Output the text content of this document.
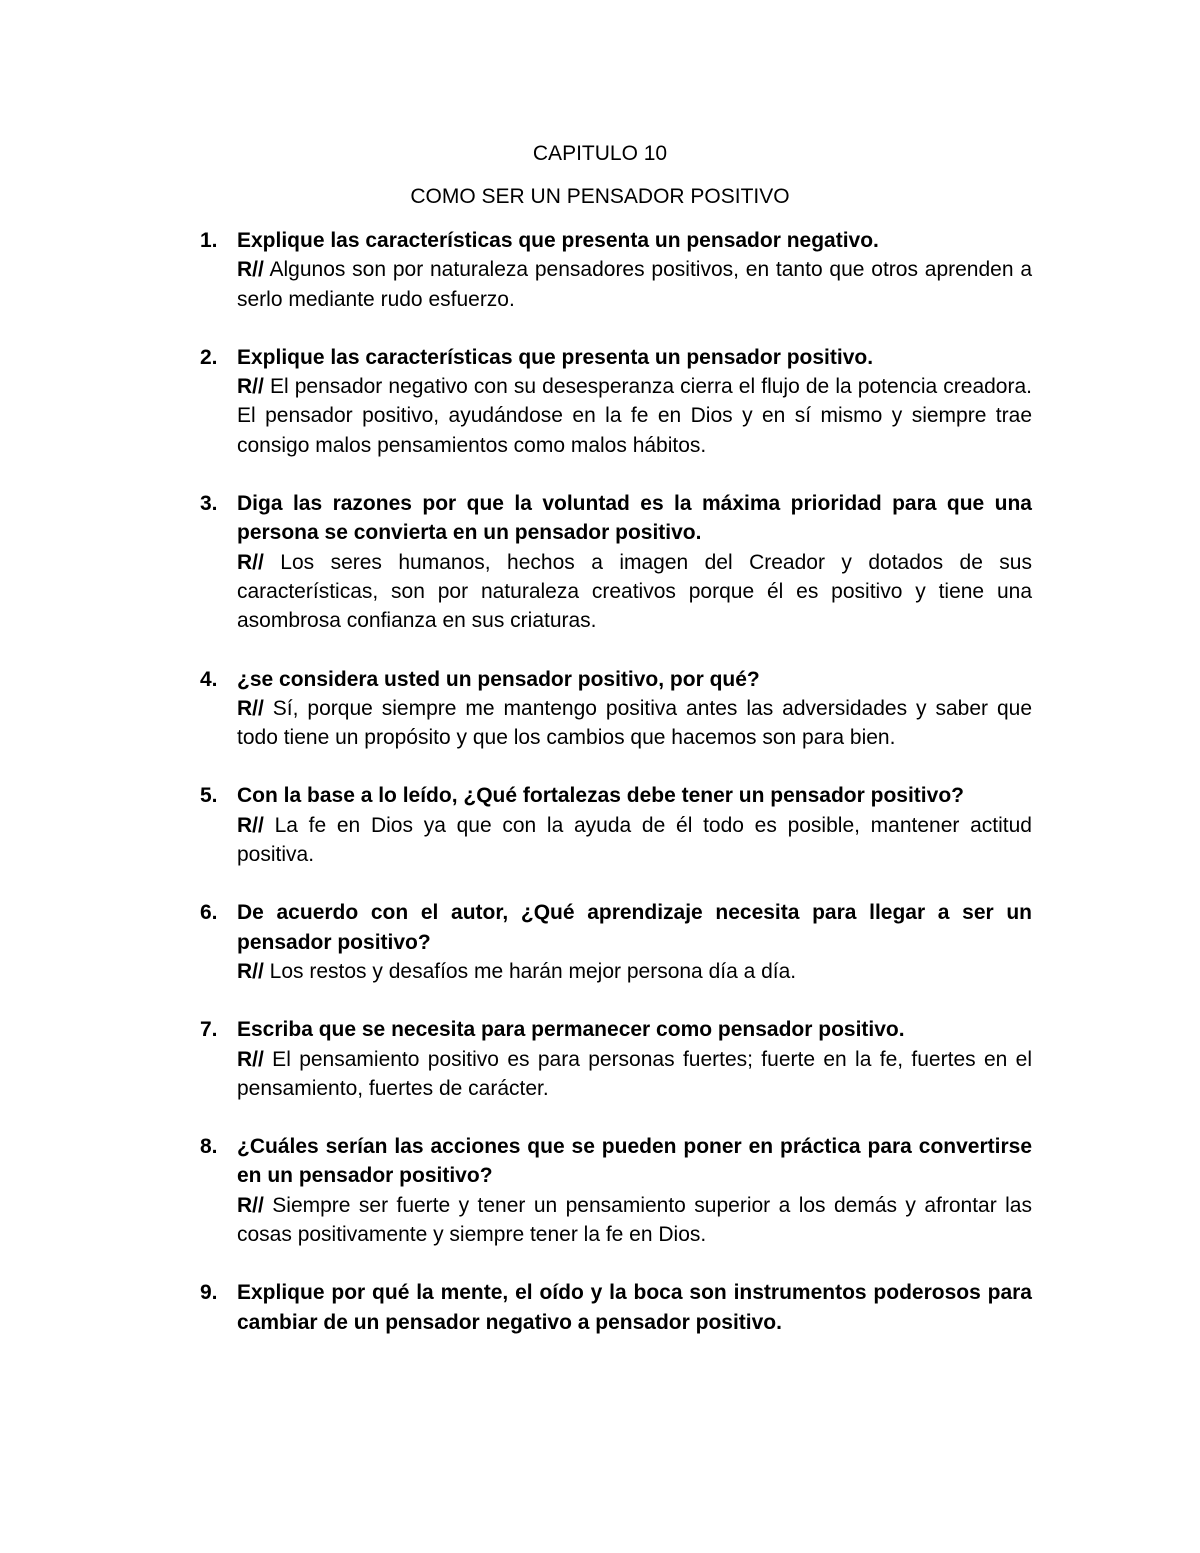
CAPITULO 10
COMO SER UN PENSADOR POSITIVO
1. Explique las características que presenta un pensador negativo.
R// Algunos son por naturaleza pensadores positivos, en tanto que otros aprenden a serlo mediante rudo esfuerzo.
2. Explique las características que presenta un pensador positivo.
R// El pensador negativo con su desesperanza cierra el flujo de la potencia creadora. El pensador positivo, ayudándose en la fe en Dios y en sí mismo y siempre trae consigo malos pensamientos como malos hábitos.
3. Diga las razones por que la voluntad es la máxima prioridad para que una persona se convierta en un pensador positivo.
R// Los seres humanos, hechos a imagen del Creador y dotados de sus características, son por naturaleza creativos porque él es positivo y tiene una asombrosa confianza en sus criaturas.
4. ¿se considera usted un pensador positivo, por qué?
R// Sí, porque siempre me mantengo positiva antes las adversidades y saber que todo tiene un propósito y que los cambios que hacemos son para bien.
5. Con la base a lo leído, ¿Qué fortalezas debe tener un pensador positivo?
R// La fe en Dios ya que con la ayuda de él todo es posible, mantener actitud positiva.
6. De acuerdo con el autor, ¿Qué aprendizaje necesita para llegar a ser un pensador positivo?
R// Los restos y desafíos me harán mejor persona día a día.
7. Escriba que se necesita para permanecer como pensador positivo.
R// El pensamiento positivo es para personas fuertes; fuerte en la fe, fuertes en el pensamiento, fuertes de carácter.
8. ¿Cuáles serían las acciones que se pueden poner en práctica para convertirse en un pensador positivo?
R// Siempre ser fuerte y tener un pensamiento superior a los demás y afrontar las cosas positivamente y siempre tener la fe en Dios.
9. Explique por qué la mente, el oído y la boca son instrumentos poderosos para cambiar de un pensador negativo a pensador positivo.
